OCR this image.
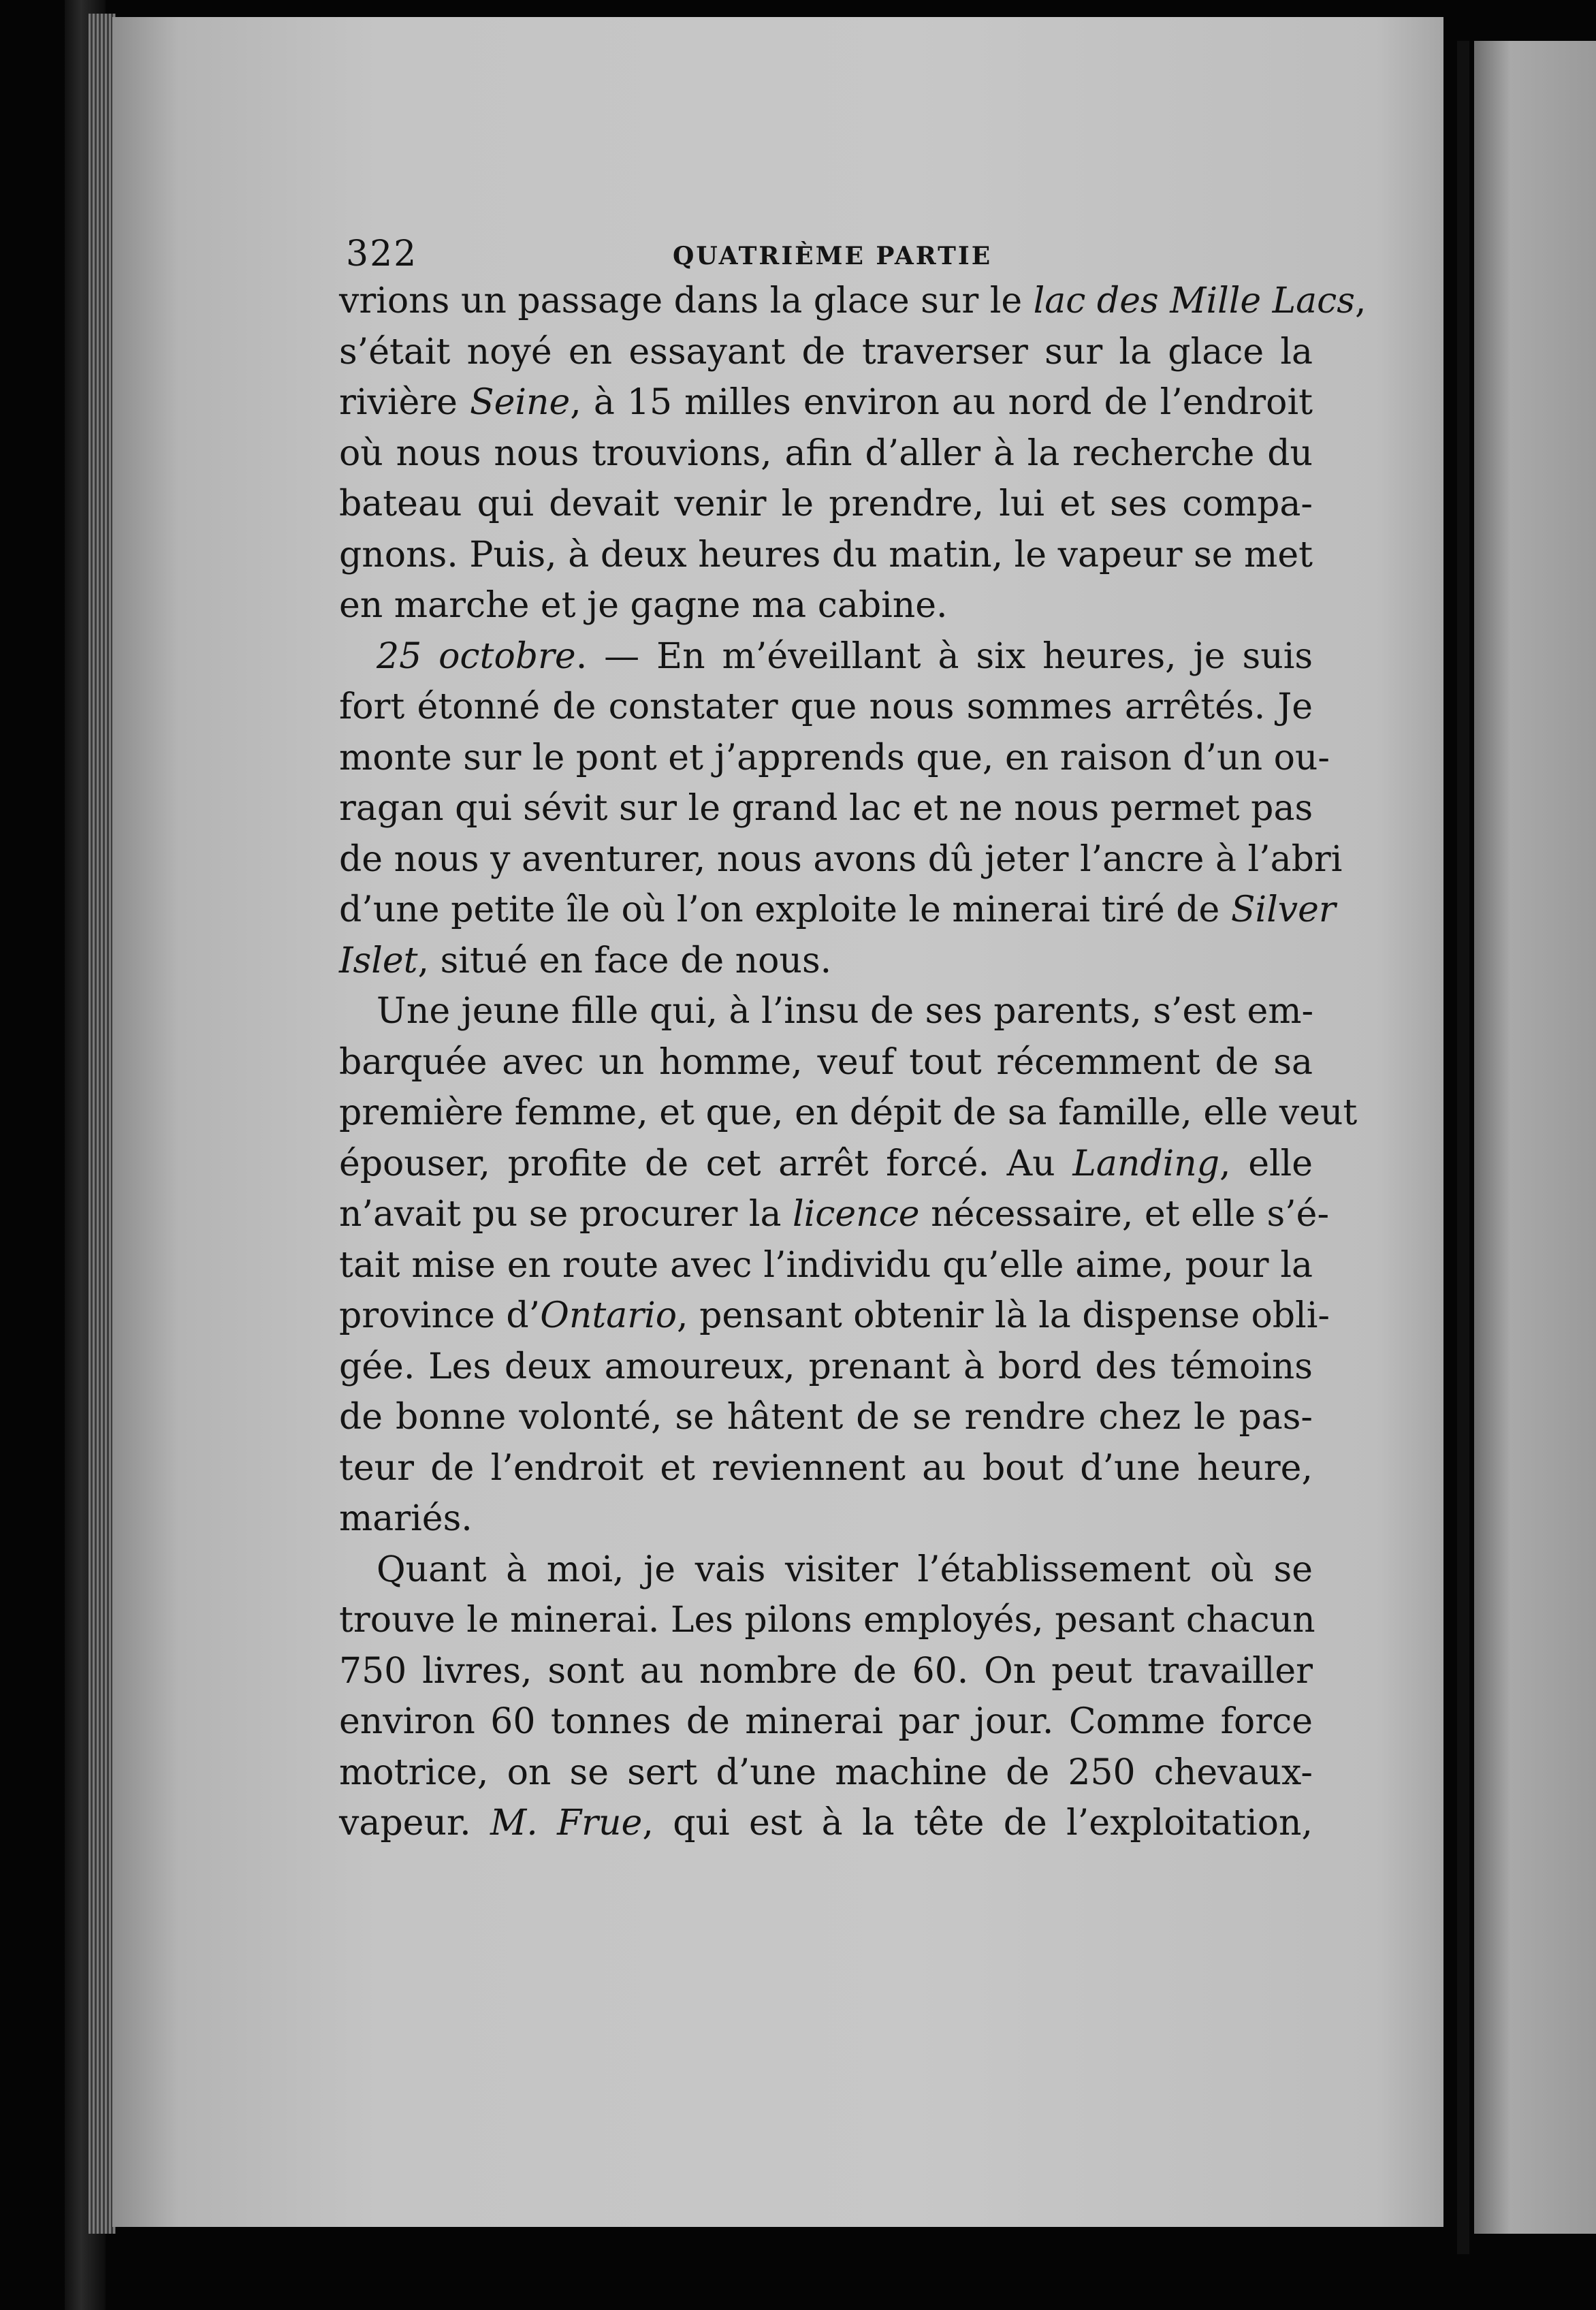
322	QUATRIÈME PARTIE
vrions un passage dans la glace sur le lac des Mille Lacs,
s’était noyé en essayant de traverser sur la glace la
rivière Seine, à 15 milles environ au nord de l’endroit
où nous nous trouvions, afin d’aller à la recherche du
bateau qui devait venir le prendre, lui et ses compa-
gnons. Puis, à deux heures du matin, le vapeur se met
en marche et je gagne ma cabine.
25 octobre. — En m’éveillant à six heures, je suis
fort étonné de constater que nous sommes arrêtés. Je
monte sur le pont et j’apprends que, en raison d’un ou-
ragan qui sévit sur le grand lac et ne nous permet pas
de nous y aventurer, nous avons dû jeter l’ancre à l’abri
d’une petite île où l’on exploite le minerai tiré de Silver
Islet, situé en face de nous.
Une jeune fille qui, à l’insu de ses parents, s’est em-
barquée avec un homme, veuf tout récemment de sa
première femme, et que, en dépit de sa famille, elle veut
épouser, profite de cet arrêt forcé. Au Landing, elle
n’avait pu se procurer la licence nécessaire, et elle s’é-
tait mise en route avec l’individu qu’elle aime, pour la
province d’Ontario, pensant obtenir là la dispense obli-
gée. Les deux amoureux, prenant à bord des témoins
de bonne volonté, se hâtent de se rendre chez le pas-
teur de l’endroit et reviennent au bout d’une heure,
mariés.
Quant à moi, je vais visiter l’établissement où se
trouve le minerai. Les pilons employés, pesant chacun
750 livres, sont au nombre de 60. On peut travailler
environ 60 tonnes de minerai par jour. Comme force
motrice, on se sert d’une machine de 250 chevaux-
vapeur. M. Frue, qui est à la tête de l’exploitation,
